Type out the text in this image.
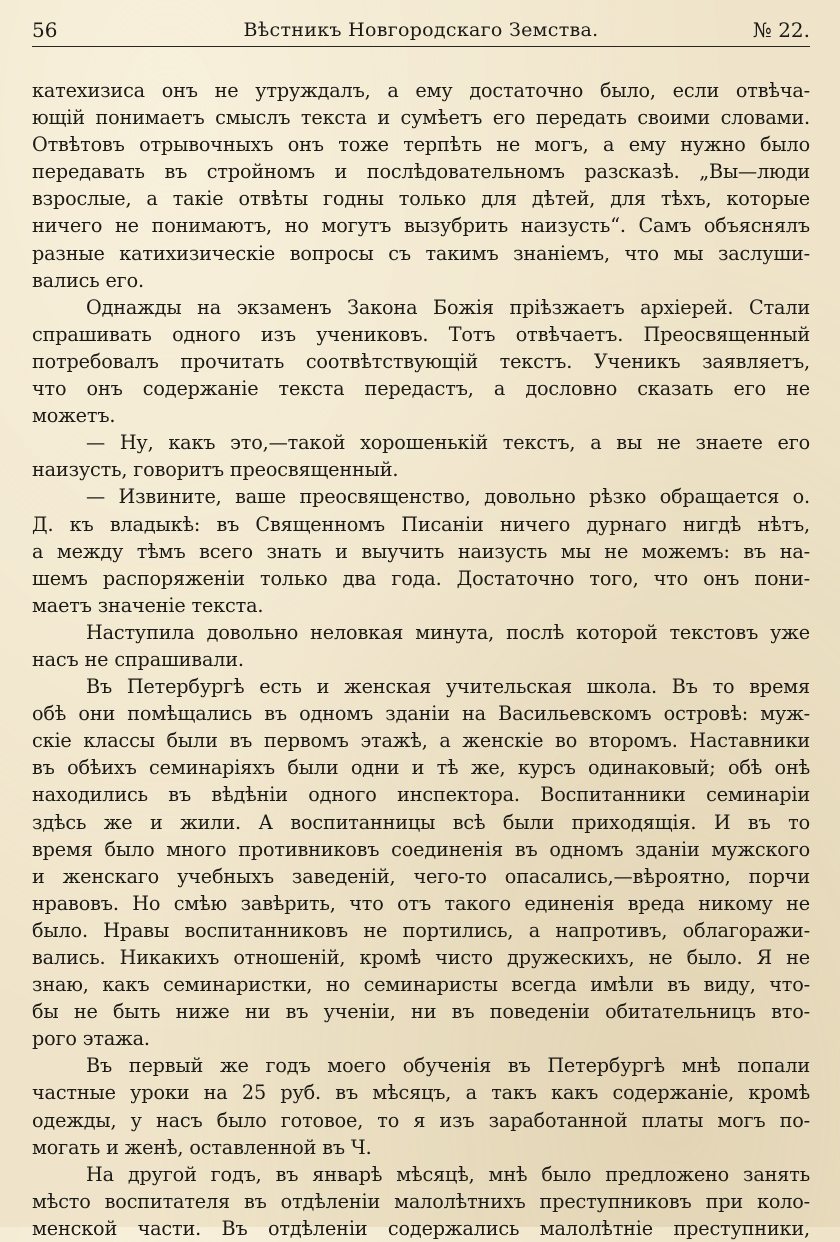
56	Вѣстникъ Новгородскаго Земства.	№ 22.
катехизиса онъ не утруждалъ, а ему достаточно было, если отвѣча-
ющій понимаетъ смыслъ текста и сумѣетъ его передать своими словами.
Отвѣтовъ отрывочныхъ онъ тоже терпѣть не могъ, а ему нужно было
передавать въ стройномъ и послѣдовательномъ разсказѣ. „Вы—люди
взрослые, а такіе отвѣты годны только для дѣтей, для тѣхъ, которые
ничего не понимаютъ, но могутъ вызубрить наизусть“. Самъ объяснялъ
разные катихизическіе вопросы съ такимъ знаніемъ, что мы заслуши-
вались его.
Однажды на экзаменъ Закона Божія пріѣзжаетъ архіерей. Стали
спрашивать одного изъ учениковъ. Тотъ отвѣчаетъ. Преосвященный
потребовалъ прочитать соотвѣтствующій текстъ. Ученикъ заявляетъ,
что онъ содержаніе текста передастъ, а дословно сказать его не
можетъ.
— Ну, какъ это,—такой хорошенькій текстъ, а вы не знаете его
наизусть, говоритъ преосвященный.
— Извините, ваше преосвященство, довольно рѣзко обращается о.
Д. къ владыкѣ: въ Священномъ Писаніи ничего дурнаго нигдѣ нѣтъ,
а между тѣмъ всего знать и выучить наизусть мы не можемъ: въ на-
шемъ распоряженіи только два года. Достаточно того, что онъ пони-
маетъ значеніе текста.
Наступила довольно неловкая минута, послѣ которой текстовъ уже
насъ не спрашивали.
Въ Петербургѣ есть и женская учительская школа. Въ то время
обѣ они помѣщались въ одномъ зданіи на Васильевскомъ островѣ: муж-
скіе классы были въ первомъ этажѣ, а женскіе во второмъ. Наставники
въ обѣихъ семинаріяхъ были одни и тѣ же, курсъ одинаковый; обѣ онѣ
находились въ вѣдѣніи одного инспектора. Воспитанники семинаріи
здѣсь же и жили. А воспитанницы всѣ были приходящія. И въ то
время было много противниковъ соединенія въ одномъ зданіи мужского
и женскаго учебныхъ заведеній, чего-то опасались,—вѣроятно, порчи
нравовъ. Но смѣю завѣрить, что отъ такого единенія вреда никому не
было. Нравы воспитанниковъ не портились, а напротивъ, облагоражи-
вались. Никакихъ отношеній, кромѣ чисто дружескихъ, не было. Я не
знаю, какъ семинаристки, но семинаристы всегда имѣли въ виду, что-
бы не быть ниже ни въ ученіи, ни въ поведеніи обитательницъ вто-
рого этажа.
Въ первый же годъ моего обученія въ Петербургѣ мнѣ попали
частные уроки на 25 руб. въ мѣсяцъ, а такъ какъ содержаніе, кромѣ
одежды, у насъ было готовое, то я изъ заработанной платы могъ по-
могать и женѣ, оставленной въ Ч.
На другой годъ, въ январѣ мѣсяцѣ, мнѣ было предложено занять
мѣсто воспитателя въ отдѣленіи малолѣтнихъ преступниковъ при коло-
менской части. Въ отдѣленіи содержались малолѣтніе преступники,
